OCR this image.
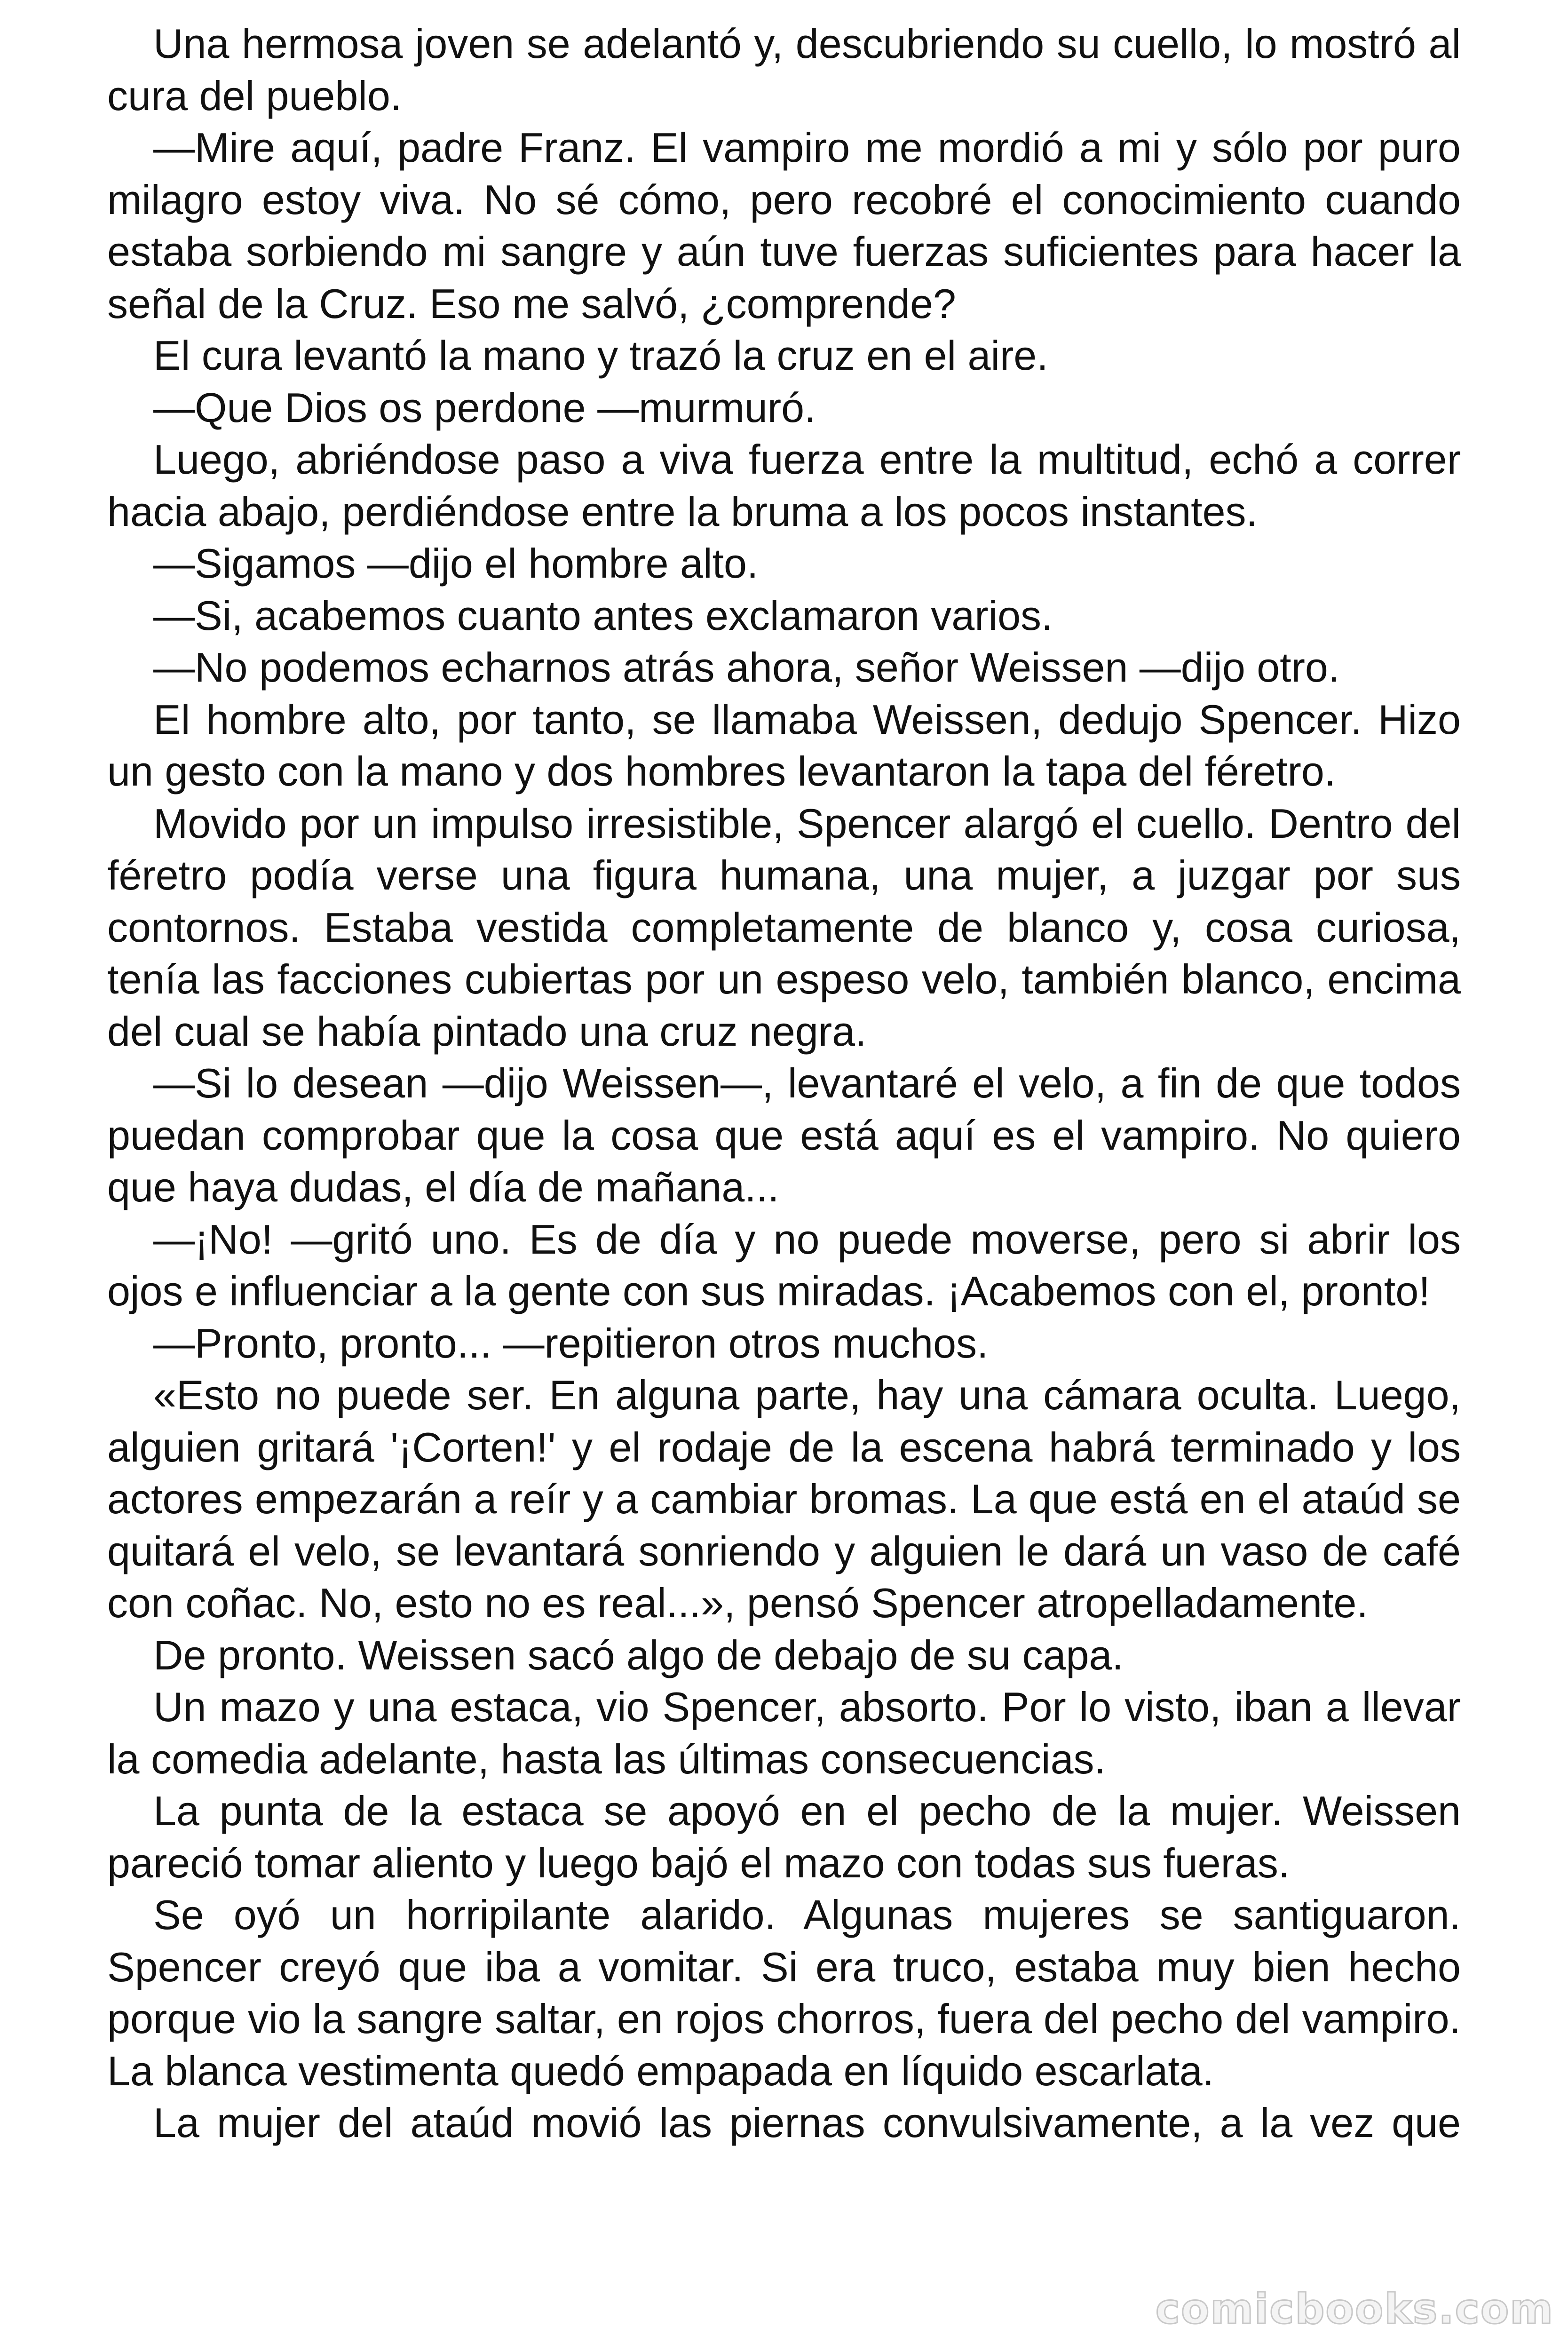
Una hermosa joven se adelantó y, descubriendo su cuello, lo mostró al cura del pueblo.

—Mire aquí, padre Franz. El vampiro me mordió a mi y sólo por puro milagro estoy viva. No sé cómo, pero recobré el conocimiento cuando estaba sorbiendo mi sangre y aún tuve fuerzas suficientes para hacer la señal de la Cruz. Eso me salvó, ¿comprende?

El cura levantó la mano y trazó la cruz en el aire.

—Que Dios os perdone —murmuró.

Luego, abriéndose paso a viva fuerza entre la multitud, echó a correr hacia abajo, perdiéndose entre la bruma a los pocos instantes.

—Sigamos —dijo el hombre alto.

—Si, acabemos cuanto antes exclamaron varios.

—No podemos echarnos atrás ahora, señor Weissen —dijo otro.

El hombre alto, por tanto, se llamaba Weissen, dedujo Spencer. Hizo un gesto con la mano y dos hombres levantaron la tapa del féretro.

Movido por un impulso irresistible, Spencer alargó el cuello. Dentro del féretro podía verse una figura humana, una mujer, a juzgar por sus contornos. Estaba vestida completamente de blanco y, cosa curiosa, tenía las facciones cubiertas por un espeso velo, también blanco, encima del cual se había pintado una cruz negra.

—Si lo desean —dijo Weissen—, levantaré el velo, a fin de que todos puedan comprobar que la cosa que está aquí es el vampiro. No quiero que haya dudas, el día de mañana...

—¡No! —gritó uno. Es de día y no puede moverse, pero si abrir los ojos e influenciar a la gente con sus miradas. ¡Acabemos con el, pronto!

—Pronto, pronto... —repitieron otros muchos.

«Esto no puede ser. En alguna parte, hay una cámara oculta. Luego, alguien gritará '¡Corten!' y el rodaje de la escena habrá terminado y los actores empezarán a reír y a cambiar bromas. La que está en el ataúd se quitará el velo, se levantará sonriendo y alguien le dará un vaso de café con coñac. No, esto no es real...», pensó Spencer atropelladamente.

De pronto. Weissen sacó algo de debajo de su capa.

Un mazo y una estaca, vio Spencer, absorto. Por lo visto, iban a llevar la comedia adelante, hasta las últimas consecuencias.

La punta de la estaca se apoyó en el pecho de la mujer. Weissen pareció tomar aliento y luego bajó el mazo con todas sus fueras.

Se oyó un horripilante alarido. Algunas mujeres se santiguaron. Spencer creyó que iba a vomitar. Si era truco, estaba muy bien hecho porque vio la sangre saltar, en rojos chorros, fuera del pecho del vampiro. La blanca vestimenta quedó empapada en líquido escarlata.

La mujer del ataúd movió las piernas convulsivamente, a la vez que

comicbooks.com
